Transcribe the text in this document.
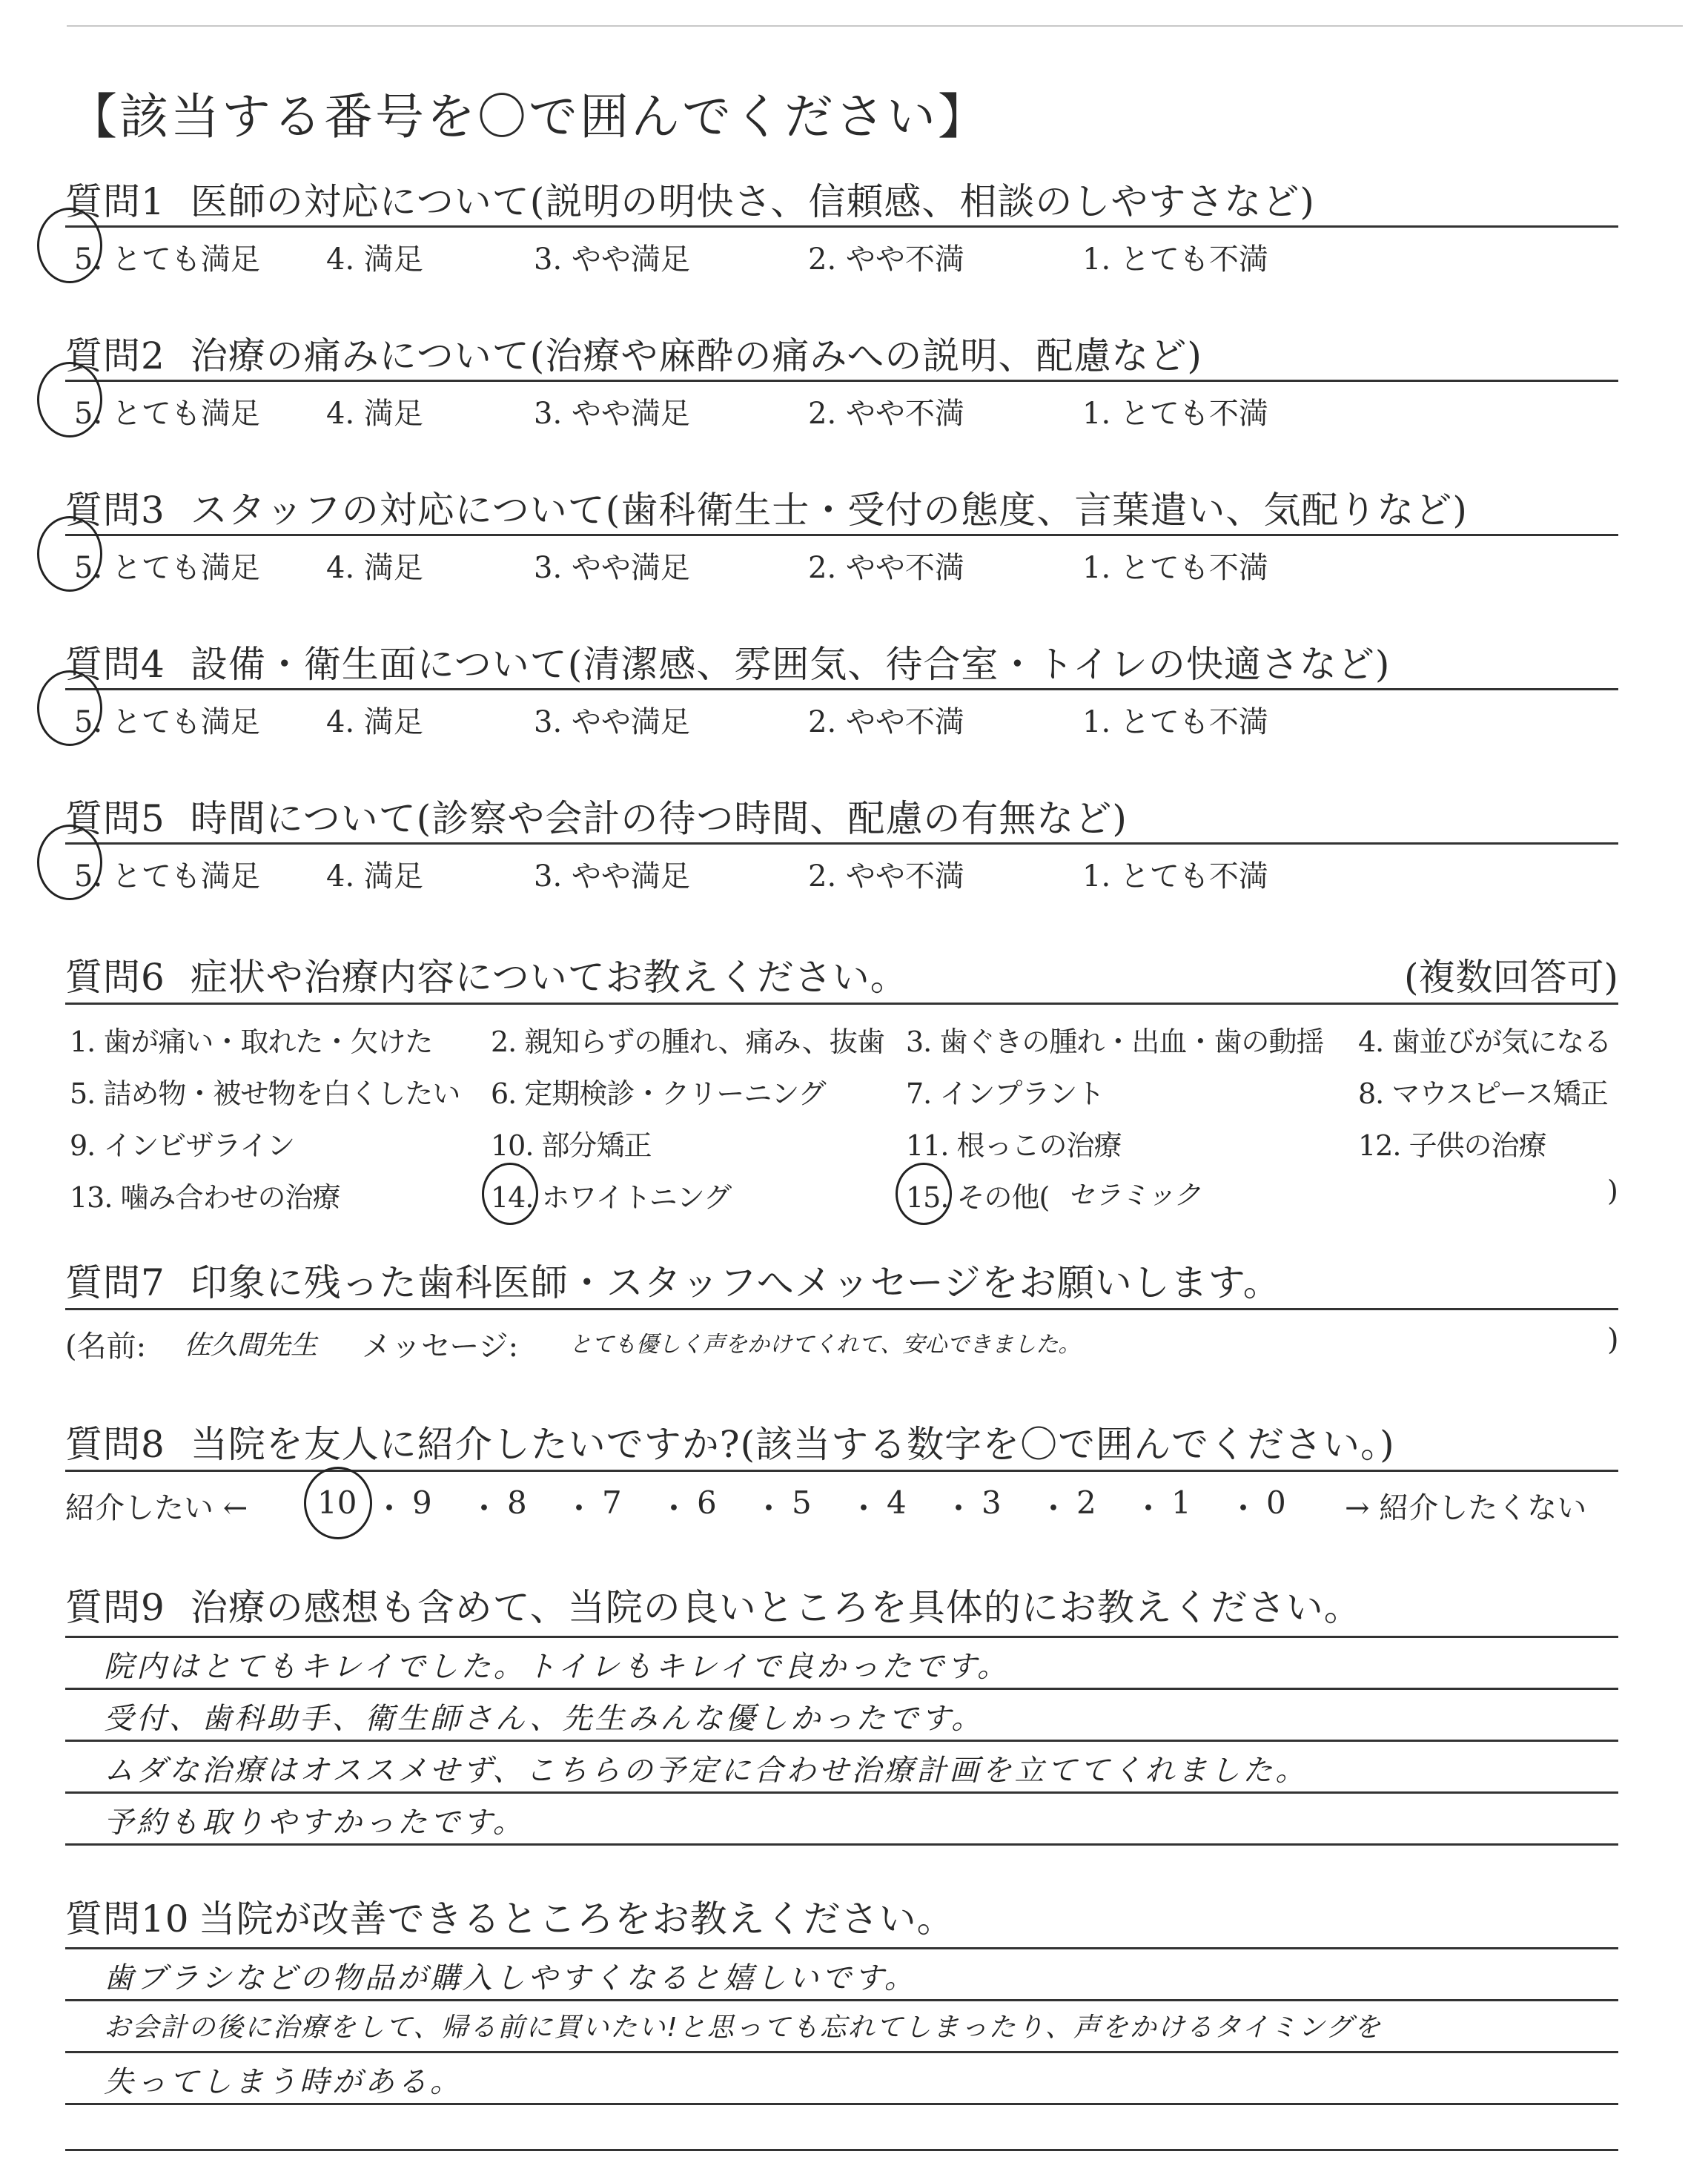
【該当する番号を〇で囲んでください】
質問1 医師の対応について(説明の明快さ、信頼感、相談のしやすさなど)
5. とても満足 4. 満足	3. やや満足	2. やや不満	1. とても不満
質問2 治療の痛みについて(治療や麻酔の痛みへの説明、配慮など)
5. とても満足 4. 満足	3. やや満足	2. やや不満	1. とても不満
質問3 スタッフの対応について(歯科衛生士・受付の態度、言葉遣い、気配りなど)
5. とても満足 4. 満足	3. やや満足	2. やや不満	1. とても不満
質問4 設備・衛生面について(清潔感、雰囲気、待合室・トイレの快適さなど)
5. とても満足 4. 満足	3. やや満足	2. やや不満	1. とても不満
質問5 時間について(診察や会計の待つ時間、配慮の有無など)
5. とても満足 4. 満足	3. やや満足	2. やや不満	1. とても不満
質問6 症状や治療内容についてお教えください。	(複数回答可)
1. 歯が痛い・取れた・欠けた 2. 親知らずの腫れ、痛み、抜歯 3. 歯ぐきの腫れ・出血・歯の動揺 4. 歯並びが気になる
5. 詰め物・被せ物を白くしたい 6. 定期検診・クリーニング	7. インプラント	8. マウスピース矯正
9. インビザライン	10. 部分矯正	11. 根っこの治療	12. 子供の治療
13. 噛み合わせの治療	14. ホワイトニング	15. その他( セラミック	)
質問7 印象に残った歯科医師・スタッフへメッセージをお願いします。
(名前: 佐久間先生 メッセージ: とても優しく声をかけてくれて、安心できました。	)
質問8 当院を友人に紹介したいですか?(該当する数字を〇で囲んでください。)
紹介したい ← 10 ・ 9 ・ 8 ・ 7 ・ 6 ・ 5 ・ 4 ・ 3 ・ 2 ・ 1 ・ 0 → 紹介したくない
質問9 治療の感想も含めて、当院の良いところを具体的にお教えください。
院内はとてもキレイでした。トイレもキレイで良かったです。
受付、歯科助手、衛生師さん、先生みんな優しかったです。
ムダな治療はオススメせず、こちらの予定に合わせ治療計画を立ててくれました。
予約も取りやすかったです。
質問10 当院が改善できるところをお教えください。
歯ブラシなどの物品が購入しやすくなると嬉しいです。
お会計の後に治療をして、帰る前に買いたい!と思っても忘れてしまったり、声をかけるタイミングを
失ってしまう時がある。
